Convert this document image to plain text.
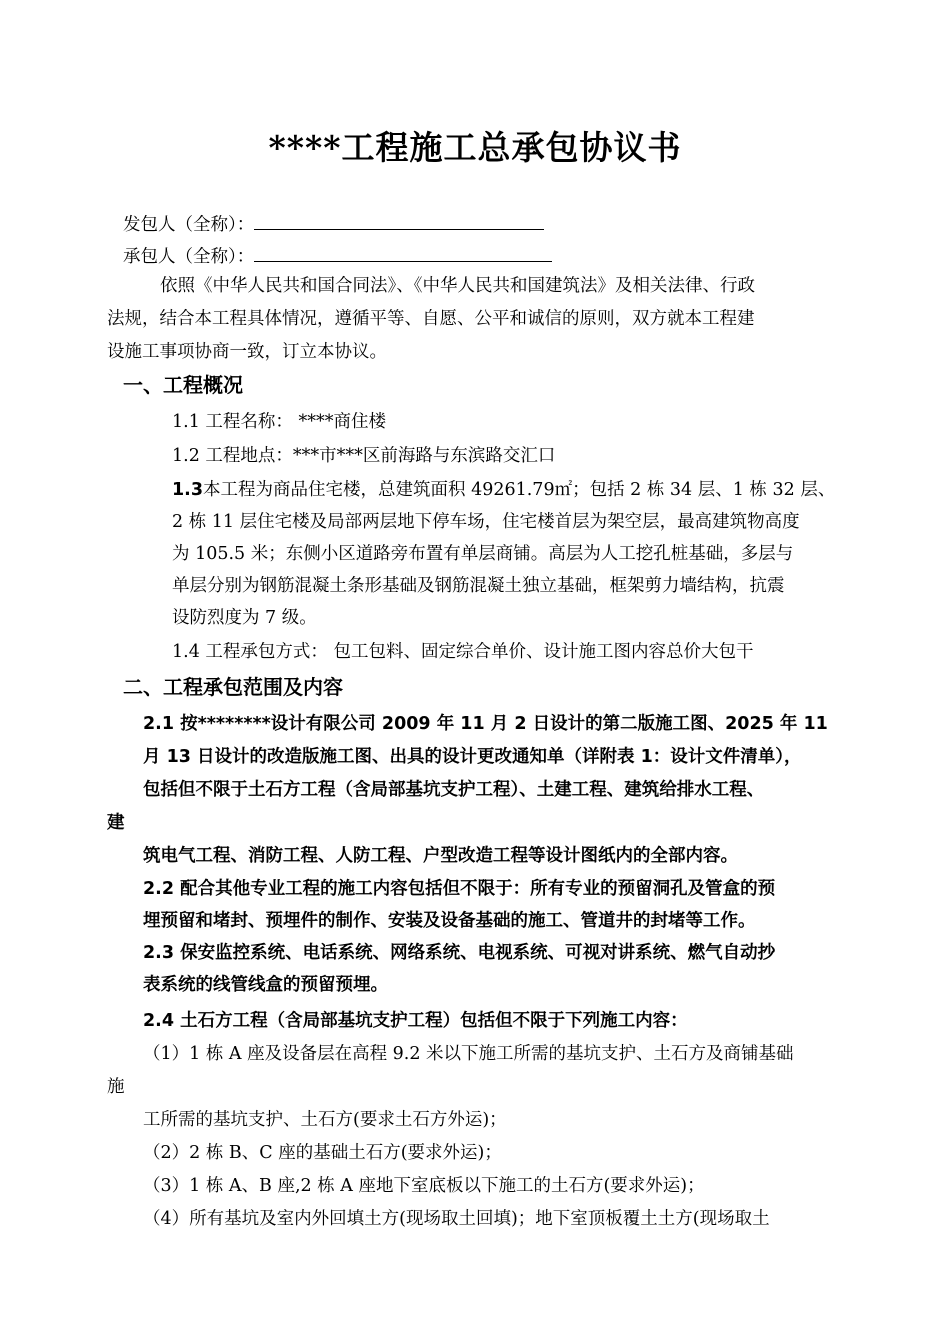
****工程施工总承包协议书
发包人（全称）：
承包人（全称）：
依照《中华人民共和国合同法》、《中华人民共和国建筑法》及相关法律、行政
法规，结合本工程具体情况，遵循平等、自愿、公平和诚信的原则，双方就本工程建
设施工事项协商一致，订立本协议。
一、工程概况
1.1 工程名称： ****商住楼
1.2 工程地点：***市***区前海路与东滨路交汇口
1.3本工程为商品住宅楼，总建筑面积 49261.79㎡；包括 2 栋 34 层、1 栋 32 层、
2 栋 11 层住宅楼及局部两层地下停车场，住宅楼首层为架空层，最高建筑物高度
为 105.5 米；东侧小区道路旁布置有单层商铺。高层为人工挖孔桩基础，多层与
单层分别为钢筋混凝土条形基础及钢筋混凝土独立基础，框架剪力墙结构，抗震
设防烈度为 7 级。
1.4 工程承包方式： 包工包料、固定综合单价、设计施工图内容总价大包干
二、工程承包范围及内容
2.1 按********设计有限公司 2009 年 11 月 2 日设计的第二版施工图、2025 年 11
月 13 日设计的改造版施工图、出具的设计更改通知单（详附表 1：设计文件清单），
包括但不限于土石方工程（含局部基坑支护工程）、土建工程、建筑给排水工程、
建
筑电气工程、消防工程、人防工程、户型改造工程等设计图纸内的全部内容。
2.2 配合其他专业工程的施工内容包括但不限于：所有专业的预留洞孔及管盒的预
埋预留和堵封、预埋件的制作、安装及设备基础的施工、管道井的封堵等工作。
2.3 保安监控系统、电话系统、网络系统、电视系统、可视对讲系统、燃气自动抄
表系统的线管线盒的预留预埋。
2.4 土石方工程（含局部基坑支护工程）包括但不限于下列施工内容：
（1）1 栋 A 座及设备层在高程 9.2 米以下施工所需的基坑支护、土石方及商铺基础
施
工所需的基坑支护、土石方(要求土石方外运)；
（2）2 栋 B、C 座的基础土石方(要求外运)；
（3）1 栋 A、B 座,2 栋 A 座地下室底板以下施工的土石方(要求外运)；
（4）所有基坑及室内外回填土方(现场取土回填)；地下室顶板覆土土方(现场取土
